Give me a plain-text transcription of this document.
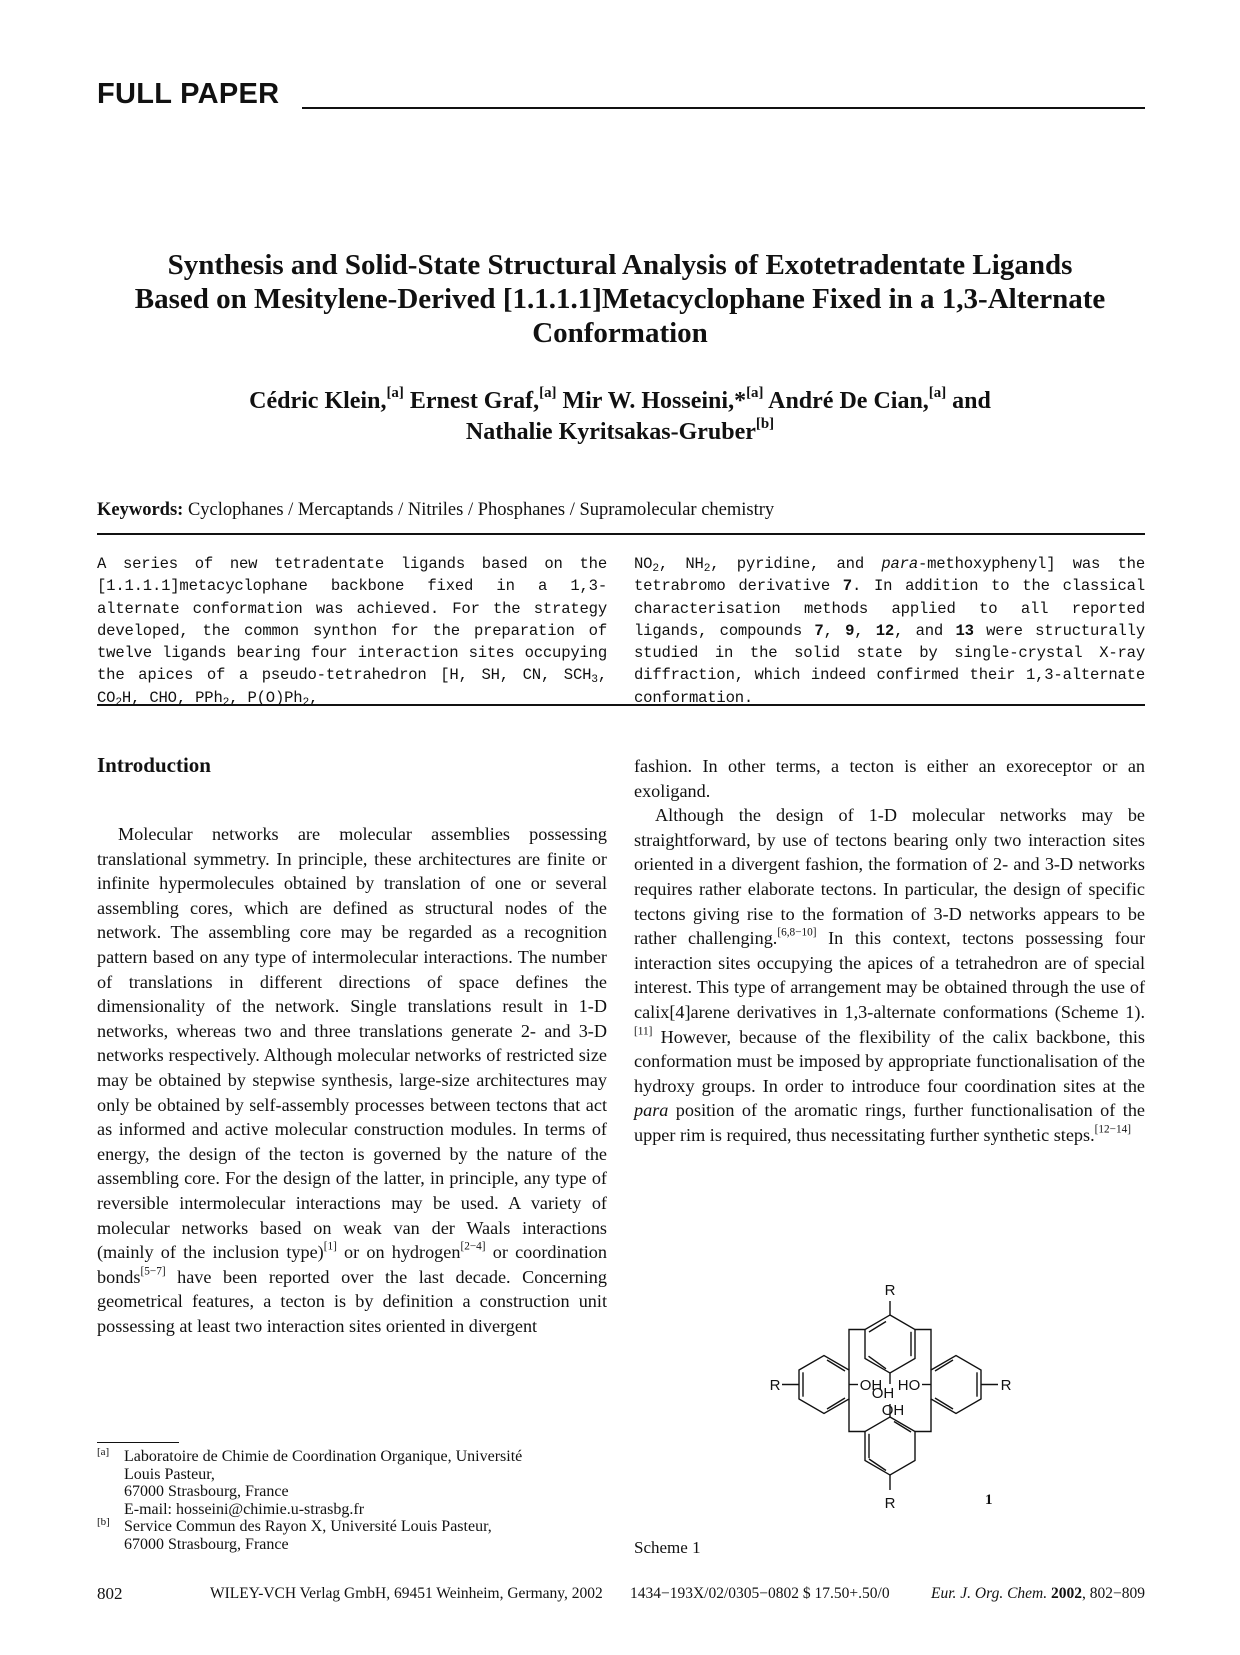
FULL PAPER
Synthesis and Solid-State Structural Analysis of Exotetradentate Ligands
Based on Mesitylene-Derived [1.1.1.1]Metacyclophane Fixed in a 1,3-Alternate
Conformation
Cédric Klein,[a] Ernest Graf,[a] Mir W. Hosseini,*[a] André De Cian,[a] and
Nathalie Kyritsakas-Gruber[b]
Keywords: Cyclophanes / Mercaptands / Nitriles / Phosphanes / Supramolecular chemistry
A series of new tetradentate ligands based on the [1.1.1.1]metacyclophane backbone fixed in a 1,3-alternate conformation was achieved. For the strategy developed, the common synthon for the preparation of twelve ligands bearing four interaction sites occupying the apices of a pseudo-tetrahedron [H, SH, CN, $SCH_3$, $CO_2H$, CHO, PPh$_2$, $P(O)Ph_2$,
$NO_2$, $NH_2$, pyridine, and para-methoxyphenyl] was the tetrabromo derivative 7. In addition to the classical characterisation methods applied to all reported ligands, compounds 7, 9, 12, and 13 were structurally studied in the solid state by single-crystal X-ray diffraction, which indeed confirmed their 1,3-alternate conformation.
Introduction
Molecular networks are molecular assemblies possessing translational symmetry. In principle, these architectures are finite or infinite hypermolecules obtained by translation of one or several assembling cores, which are defined as structural nodes of the network. The assembling core may be regarded as a recognition pattern based on any type of intermolecular interactions. The number of translations in different directions of space defines the dimensionality of the network. Single translations result in 1-D networks, whereas two and three translations generate 2- and 3-D networks respectively. Although molecular networks of restricted size may be obtained by stepwise synthesis, large-size architectures may only be obtained by self-assembly processes between tectons that act as informed and active molecular construction modules. In terms of energy, the design of the tecton is governed by the nature of the assembling core. For the design of the latter, in principle, any type of reversible intermolecular interactions may be used. A variety of molecular networks based on weak van der Waals interactions (mainly of the inclusion type)[1] or on hydrogen[2−4] or coordination bonds[5−7] have been reported over the last decade. Concerning geometrical features, a tecton is by definition a construction unit possessing at least two interaction sites oriented in divergent

fashion. In other terms, a tecton is either an exoreceptor or an exoligand.

Although the design of 1-D molecular networks may be straightforward, by use of tectons bearing only two interaction sites oriented in a divergent fashion, the formation of 2- and 3-D networks requires rather elaborate tectons. In particular, the design of specific tectons giving rise to the formation of 3-D networks appears to be rather challenging.[6,8−10] In this context, tectons possessing four interaction sites occupying the apices of a tetrahedron are of special interest. This type of arrangement may be obtained through the use of calix[4]arene derivatives in 1,3-alternate conformations (Scheme 1).[11] However, because of the flexibility of the calix backbone, this conformation must be imposed by appropriate functionalisation of the hydroxy groups. In order to introduce four coordination sites at the para position of the aromatic rings, further functionalisation of the upper rim is required, thus necessitating further synthetic steps.[12−14]

R
OH
R	OH HO	R
OH
R	1
Scheme 1
[a] Laboratoire de Chimie de Coordination Organique, Université
Louis Pasteur,
67000 Strasbourg, France
E-mail: hosseini@chimie.u-strasbg.fr
[b] Service Commun des Rayon X, Université Louis Pasteur,
67000 Strasbourg, France
802	WILEY-VCH Verlag GmbH, 69451 Weinheim, Germany, 2002 1434−193X/02/0305−0802 $ 17.50+.50/0	Eur. J. Org. Chem. 2002, 802−809
